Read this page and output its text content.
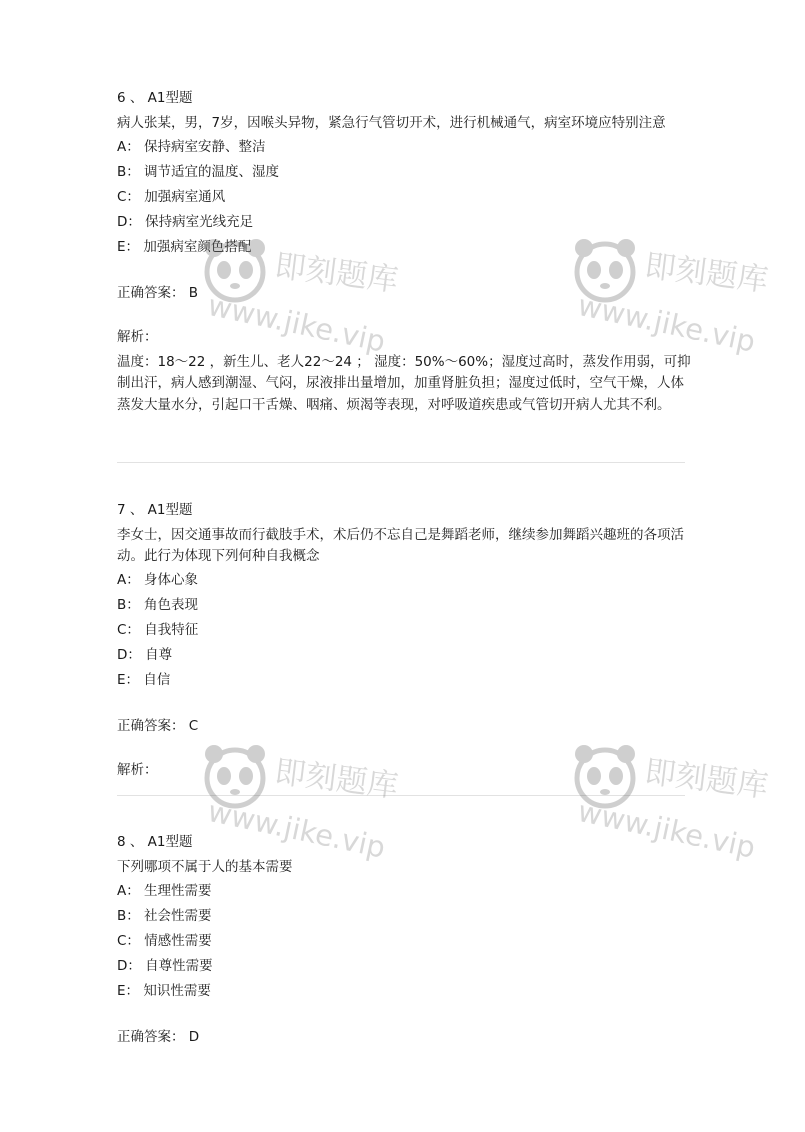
6 、 A1型题
病人张某，男，7岁，因喉头异物，紧急行气管切开术，进行机械通气，病室环境应特别注意
A： 保持病室安静、整洁
B： 调节适宜的温度、湿度
C： 加强病室通风
D： 保持病室光线充足
E： 加强病室颜色搭配
正确答案： B
解析：
温度：18～22 ，新生儿、老人22～24 ； 湿度：50%～60%；湿度过高时，蒸发作用弱，可抑制出汗，病人感到潮湿、气闷，尿液排出量增加，加重肾脏负担；湿度过低时，空气干燥，人体蒸发大量水分，引起口干舌燥、咽痛、烦渴等表现，对呼吸道疾患或气管切开病人尤其不利。
7 、 A1型题
李女士，因交通事故而行截肢手术，术后仍不忘自己是舞蹈老师，继续参加舞蹈兴趣班的各项活动。此行为体现下列何种自我概念
A： 身体心象
B： 角色表现
C： 自我特征
D： 自尊
E： 自信
正确答案： C
解析：
8 、 A1型题
下列哪项不属于人的基本需要
A： 生理性需要
B： 社会性需要
C： 情感性需要
D： 自尊性需要
E： 知识性需要
正确答案： D
即刻题库
www.jike.vip
即刻题库
www.jike.vip
即刻题库
www.jike.vip
即刻题库
www.jike.vip
